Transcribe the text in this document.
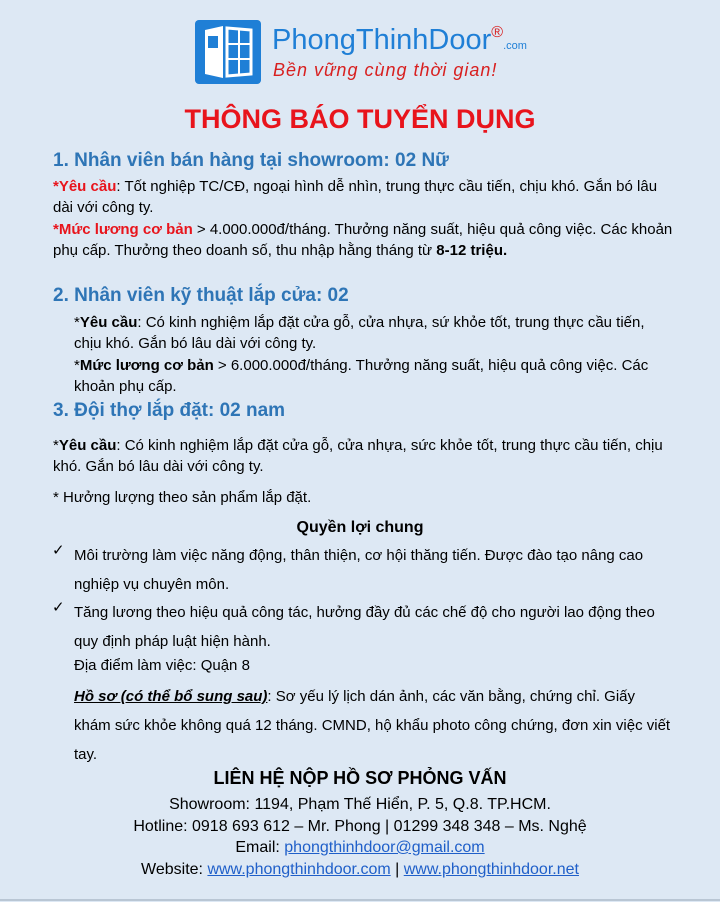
PhongThinhDoor®.com
Bền vững cùng thời gian!
THÔNG BÁO TUYỂN DỤNG
1. Nhân viên bán hàng tại showroom: 02 Nữ
*Yêu cầu: Tốt nghiệp TC/CĐ, ngoại hình dễ nhìn, trung thực cầu tiến, chịu khó. Gắn bó lâu dài với công ty.
*Mức lương cơ bản > 4.000.000đ/tháng. Thưởng năng suất, hiệu quả công việc. Các khoản phụ cấp. Thưởng theo doanh số, thu nhập hằng tháng từ 8-12 triệu.
2. Nhân viên kỹ thuật lắp cửa: 02
*Yêu cầu: Có kinh nghiệm lắp đặt cửa gỗ, cửa nhựa, sứ khỏe tốt, trung thực cầu tiến, chịu khó. Gắn bó lâu dài với công ty.
*Mức lương cơ bản > 6.000.000đ/tháng. Thưởng năng suất, hiệu quả công việc. Các khoản phụ cấp.
3. Đội thợ lắp đặt: 02 nam
*Yêu cầu: Có kinh nghiệm lắp đặt cửa gỗ, cửa nhựa, sức khỏe tốt, trung thực cầu tiến, chịu khó. Gắn bó lâu dài với công ty.
* Hưởng lượng theo sản phẩm lắp đặt.
Quyền lợi chung
✓ Môi trường làm việc năng động, thân thiện, cơ hội thăng tiến. Được đào tạo nâng cao nghiệp vụ chuyên môn.
✓ Tăng lương theo hiệu quả công tác, hưởng đầy đủ các chế độ cho người lao động theo quy định pháp luật hiện hành.
Địa điểm làm việc: Quận 8
Hồ sơ (có thể bổ sung sau): Sơ yếu lý lịch dán ảnh, các văn bằng, chứng chỉ. Giấy khám sức khỏe không quá 12 tháng. CMND, hộ khẩu photo công chứng, đơn xin việc viết tay.
LIÊN HỆ NỘP HỒ SƠ PHỎNG VẤN
Showroom: 1194, Phạm Thế Hiển, P. 5, Q.8. TP.HCM.
Hotline: 0918 693 612 – Mr. Phong | 01299 348 348 – Ms. Nghệ
Email: phongthinhdoor@gmail.com
Website: www.phongthinhdoor.com | www.phongthinhdoor.net
